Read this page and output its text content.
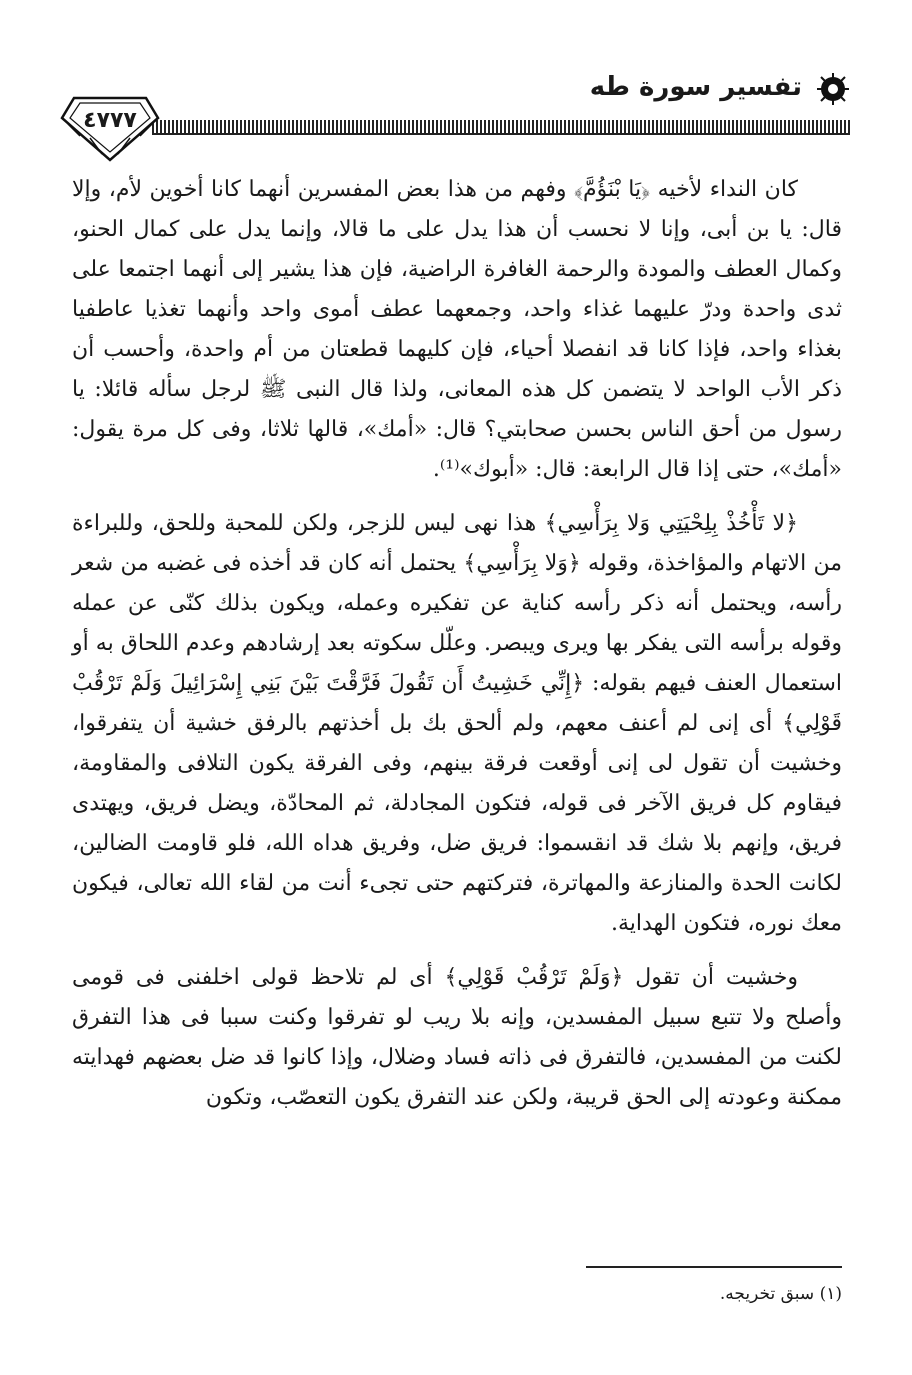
تفسير سورة طه
٤٧٧٧

كان النداء لأخيه ﴿يَا بْنَؤُمَّ﴾ وفهم من هذا بعض المفسرين أنهما كانا أخوين لأم، وإلا قال: يا بن أبى، وإنا لا نحسب أن هذا يدل على ما قالا، وإنما يدل على كمال الحنو، وكمال العطف والمودة والرحمة الغافرة الراضية، فإن هذا يشير إلى أنهما اجتمعا على ثدى واحدة ودرّ عليهما غذاء واحد، وجمعهما عطف أموى واحد وأنهما تغذيا عاطفيا بغذاء واحد، فإذا كانا قد انفصلا أحياء، فإن كليهما قطعتان من أم واحدة، وأحسب أن ذكر الأب الواحد لا يتضمن كل هذه المعانى، ولذا قال النبى ﷺ لرجل سأله قائلا: يا رسول من أحق الناس بحسن صحابتي؟ قال: «أمك»، قالها ثلاثا، وفى كل مرة يقول: «أمك»، حتى إذا قال الرابعة: قال: «أبوك»⁽¹⁾.

﴿لا تَأْخُذْ بِلِحْيَتِي وَلا بِرَأْسِي﴾ هذا نهى ليس للزجر، ولكن للمحبة وللحق، وللبراءة من الاتهام والمؤاخذة، وقوله ﴿وَلا بِرَأْسِي﴾ يحتمل أنه كان قد أخذه فى غضبه من شعر رأسه، ويحتمل أنه ذكر رأسه كناية عن تفكيره وعمله، ويكون بذلك كنّى عن عمله وقوله برأسه التى يفكر بها ويرى ويبصر. وعلّل سكوته بعد إرشادهم وعدم اللحاق به أو استعمال العنف فيهم بقوله: ﴿إِنِّي خَشِيتُ أَن تَقُولَ فَرَّقْتَ بَيْنَ بَنِي إِسْرَائِيلَ وَلَمْ تَرْقُبْ قَوْلِي﴾ أى إنى لم أعنف معهم، ولم ألحق بك بل أخذتهم بالرفق خشية أن يتفرقوا، وخشيت أن تقول لى إنى أوقعت فرقة بينهم، وفى الفرقة يكون التلافى والمقاومة، فيقاوم كل فريق الآخر فى قوله، فتكون المجادلة، ثم المحادّة، ويضل فريق، ويهتدى فريق، وإنهم بلا شك قد انقسموا: فريق ضل، وفريق هداه الله، فلو قاومت الضالين، لكانت الحدة والمنازعة والمهاترة، فتركتهم حتى تجىء أنت من لقاء الله تعالى، فيكون معك نوره، فتكون الهداية.

وخشيت أن تقول ﴿وَلَمْ تَرْقُبْ قَوْلِي﴾ أى لم تلاحظ قولى اخلفنى فى قومى وأصلح ولا تتبع سبيل المفسدين، وإنه بلا ريب لو تفرقوا وكنت سببا فى هذا التفرق لكنت من المفسدين، فالتفرق فى ذاته فساد وضلال، وإذا كانوا قد ضل بعضهم فهدايته ممكنة وعودته إلى الحق قريبة، ولكن عند التفرق يكون التعصّب، وتكون

(١) سبق تخريجه.
